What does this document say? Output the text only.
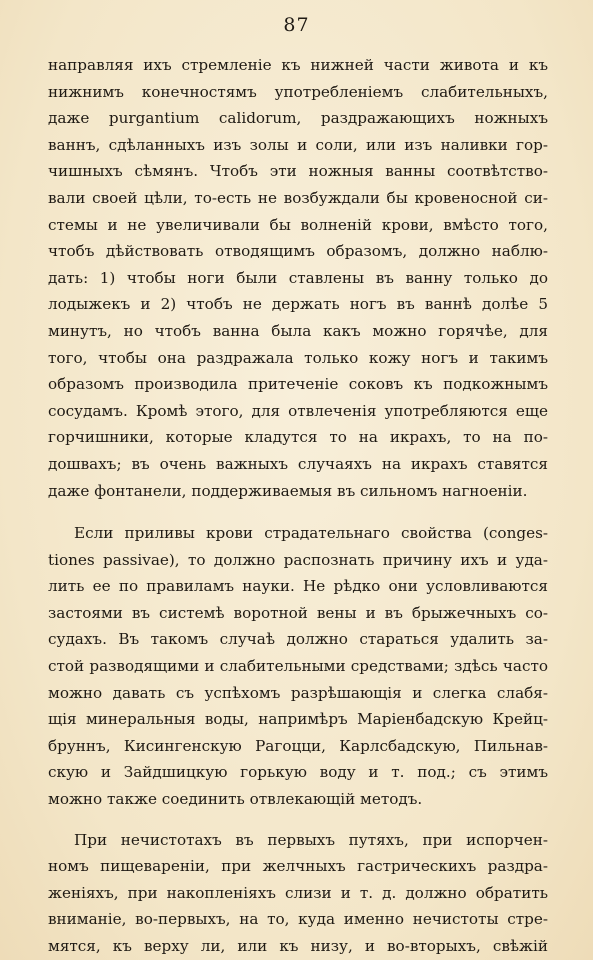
87
направляя ихъ стремленіе къ нижней части живота и къ
нижнимъ конечностямъ употребленіемъ слабительныхъ,
даже purgantium calidorum, раздражающихъ ножныхъ
ваннъ, сдѣланныхъ изъ золы и соли, или изъ наливки гор-
чишныхъ сѣмянъ. Чтобъ эти ножныя ванны соотвѣтство-
вали своей цѣли, то-есть не возбуждали бы кровеносной си-
стемы и не увеличивали бы волненій крови, вмѣсто того,
чтобъ дѣйствовать отводящимъ образомъ, должно наблю-
дать: 1) чтобы ноги были ставлены въ ванну только до
лодыжекъ и 2) чтобъ не держать ногъ въ ваннѣ долѣе 5
минутъ, но чтобъ ванна была какъ можно горячѣе, для
того, чтобы она раздражала только кожу ногъ и такимъ
образомъ производила притеченіе соковъ къ подкожнымъ
сосудамъ. Кромѣ этого, для отвлеченія употребляются еще
горчишники, которые кладутся то на икрахъ, то на по-
дошвахъ; въ очень важныхъ случаяхъ на икрахъ ставятся
даже фонтанели, поддерживаемыя въ сильномъ нагноеніи.
Если приливы крови страдательнаго свойства (conges-
tiones passivae), то должно распознать причину ихъ и уда-
лить ее по правиламъ науки. Не рѣдко они условливаются
застоями въ системѣ воротной вены и въ брыжечныхъ со-
судахъ. Въ такомъ случаѣ должно стараться удалить за-
стой разводящими и слабительными средствами; здѣсь часто
можно давать съ успѣхомъ разрѣшающія и слегка слабя-
щія минеральныя воды, напримѣръ Маріенбадскую Крейц-
бруннъ, Кисингенскую Рагоцци, Карлсбадскую, Пильнав-
скую и Зайдшицкую горькую воду и т. под.; съ этимъ
можно также соединить отвлекающій методъ.
При нечистотахъ въ первыхъ путяхъ, при испорчен-
номъ пищевареніи, при желчныхъ гастрическихъ раздра-
женіяхъ, при накопленіяхъ слизи и т. д. должно обратить
вниманіе, во-первыхъ, на то, куда именно нечистоты стре-
мятся, къ верху ли, или къ низу, и во-вторыхъ, свѣжій
